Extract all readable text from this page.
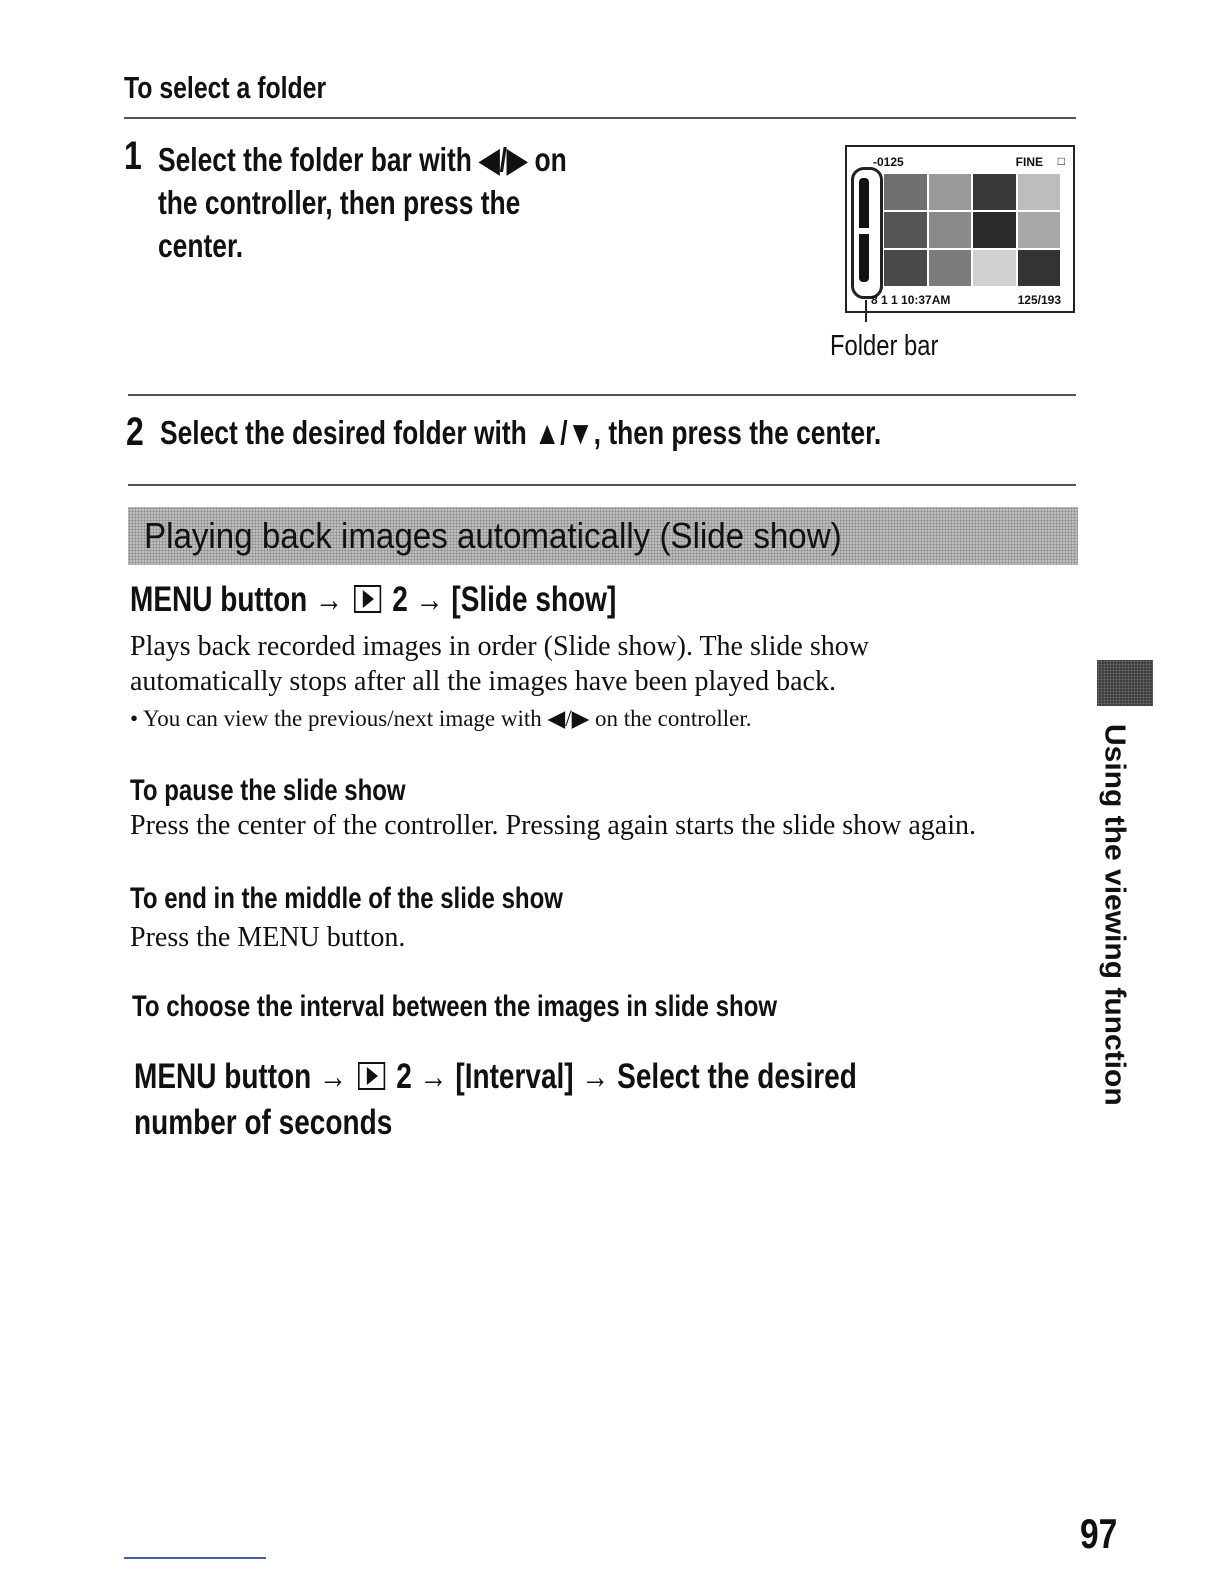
To select a folder
1 Select the folder bar with ◀/▶ on
the controller, then press the
center.
-0125	FINE □
8 1 1 10:37AM	125/193
Folder bar
2 Select the desired folder with ▲/▼, then press the center.
Playing back images automatically (Slide show)
MENU button → 2 → [Slide show]
Plays back recorded images in order (Slide show). The slide show
automatically stops after all the images have been played back.
• You can view the previous/next image with ◀/▶ on the controller.
To pause the slide show
Press the center of the controller. Pressing again starts the slide show again.
To end in the middle of the slide show
Press the MENU button.
To choose the interval between the images in slide show
MENU button → 2 → [Interval] → Select the desired
number of seconds
Using the viewing function
97
